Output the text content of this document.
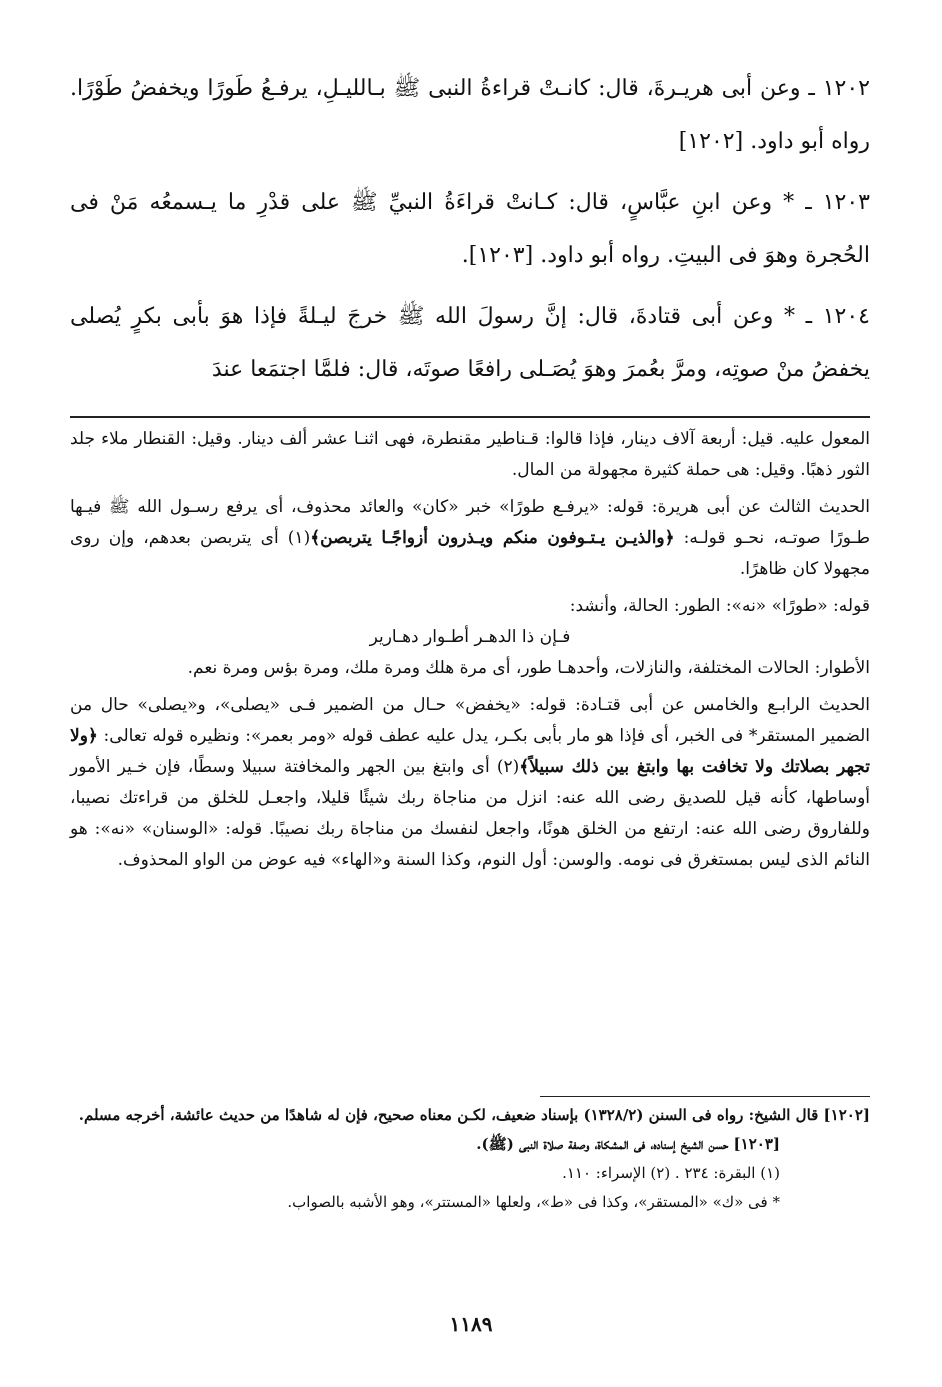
١٢٠٢ ـ وعن أبى هريـرةَ، قال: كانـتْ قراءةُ النبى ﷺ بـالليـلِ، يرفـعُ طَورًا ويخفضُ طَوْرًا. رواه أبو داود. [١٢٠٢]

١٢٠٣ ـ * وعن ابنِ عبَّاسٍ، قال: كـانتْ قراءَةُ النبيِّ ﷺ على قدْرِ ما يـسمعُه مَنْ فى الحُجرة وهوَ فى البيتِ. رواه أبو داود. [١٢٠٣].

١٢٠٤ ـ * وعن أبى قتادةَ، قال: إنَّ رسولَ الله ﷺ خرجَ ليـلةً فإذا هوَ بأبى بكرٍ يُصلى يخفضُ منْ صوتِه، ومرَّ بعُمرَ وهوَ يُصَـلى رافعًا صوتَه، قال: فلمَّا اجتمَعا عندَ

المعول عليه. قيل: أربعة آلاف دينار، فإذا قالوا: قـناطير مقنطرة، فهى اثنـا عشر ألف دينار. وقيل: القنطار ملاء جلد الثور ذهبًا. وقيل: هى حملة كثيرة مجهولة من المال.

الحديث الثالث عن أبى هريرة: قوله: «يرفـع طورًا» خبر «كان» والعائد محذوف، أى يرفع رسـول الله ﷺ فيـها طـورًا صوتـه، نحـو قولـه: ﴿والذيـن يـتـوفون منكم ويـذرون أزواجًـا يتربصن﴾(١) أى يتربصن بعدهم، وإن روى مجهولا كان ظاهرًا.

قوله: «طورًا» «نه»: الطور: الحالة، وأنشد:

فـإن ذا الدهـر أطـوار دهـارير

الأطوار: الحالات المختلفة، والنازلات، وأحدهـا طور، أى مرة هلك ومرة ملك، ومرة بؤس ومرة نعم.

الحديث الرابـع والخامس عن أبى قتـادة: قوله: «يخفض» حـال من الضمير فـى «يصلى»، و«يصلى» حال من الضمير المستقر* فى الخبر، أى فإذا هو مار بأبى بكـر، يدل عليه عطف قوله «ومر بعمر»: ونظيره قوله تعالى: ﴿ولا تجهر بصلاتك ولا تخافت بها وابتغ بين ذلك سبيلاً﴾(٢) أى وابتغ بين الجهر والمخافتة سبيلا وسطًا، فإن خـير الأمور أوساطها، كأنه قيل للصديق رضى الله عنه: انزل من مناجاة ربك شيئًا قليلا، واجعـل للخلق من قراءتك نصيبا، وللفاروق رضى الله عنه: ارتفع من الخلق هونًا، واجعل لنفسك من مناجاة ربك نصيبًا. قوله: «الوسنان» «نه»: هو النائم الذى ليس بمستغرق فى نومه. والوسن: أول النوم، وكذا السنة و«الهاء» فيه عوض من الواو المحذوف.

[١٢٠٢] قال الشيخ: رواه فى السنن (١٣٢٨/٢) بإسناد ضعيف، لكـن معناه صحيح، فإن له شاهدًا من حديث عائشة، أخرجه مسلم.

[١٢٠٣] حسن الشيخ إسناده، فى المشكاة، وصفة صلاة النبى (ﷺ).

(١) البقرة: ٢٣٤ . (٢) الإسراء: ١١٠.

* فى «ك» «المستقر»، وكذا فى «ط»، ولعلها «المستتر»، وهو الأشبه بالصواب.

١١٨٩
